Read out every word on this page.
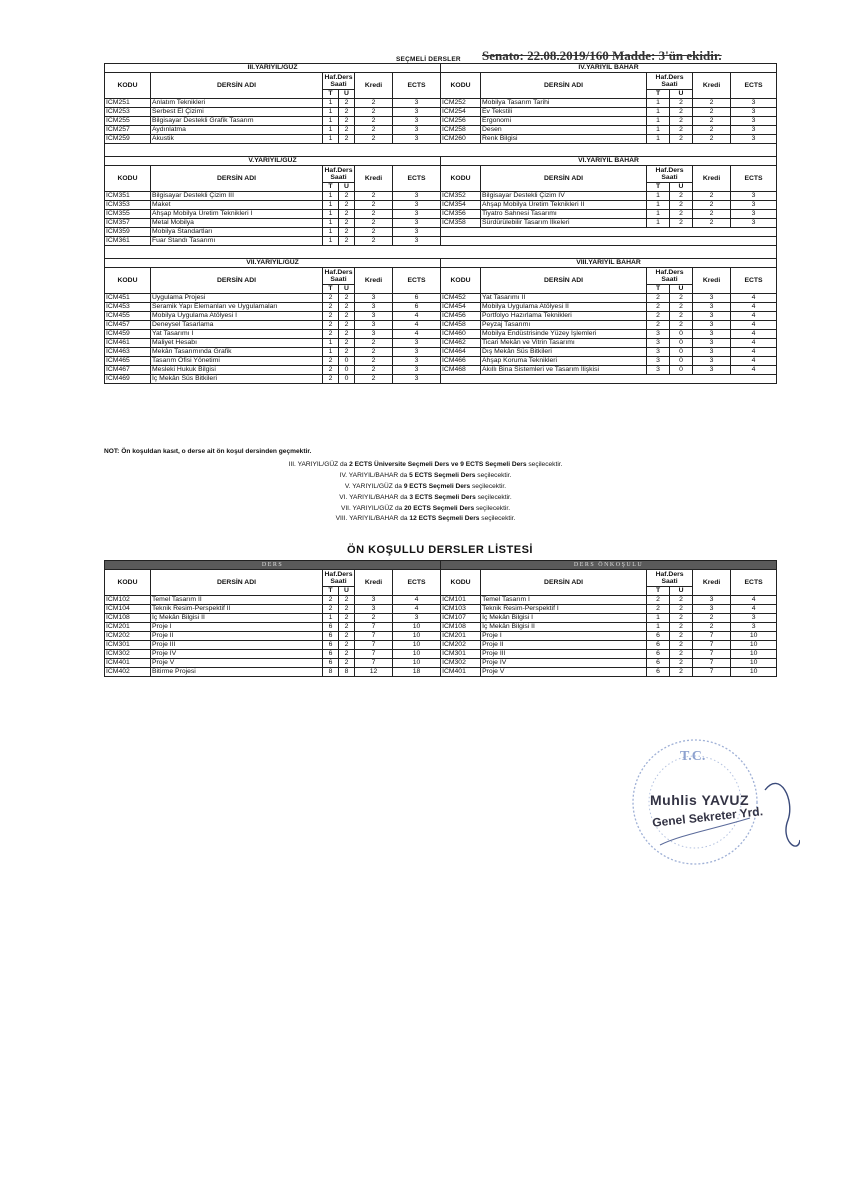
Senato: 22.08.2019/160 Madde: 3'ün ekidir.
SEÇMELİ DERSLER
III.YARIYIL/GÜZ						IV.YARIYIL BAHAR					
KODU	DERSİN ADI	Haf.Ders Saati		Kredi	ECTS	KODU	DERSİN ADI	Haf.Ders Saati		Kredi	ECTS
		T	U					T	U		
ICM251	Anlatım Teknikleri	1	2	2	3	ICM252	Mobilya Tasarım Tarihi	1	2	2	3
ICM253	Serbest El Çizimi	1	2	2	3	ICM254	Ev Tekstili	1	2	2	3
ICM255	Bilgisayar Destekli Grafik Tasarım	1	2	2	3	ICM256	Ergonomi	1	2	2	3
ICM257	Aydınlatma	1	2	2	3	ICM258	Desen	1	2	2	3
ICM259	Akustik	1	2	2	3	ICM260	Renk Bilgisi	1	2	2	3

V.YARIYIL/GÜZ						VI.YARIYIL BAHAR					
KODU	DERSİN ADI	Haf.Ders Saati		Kredi	ECTS	KODU	DERSİN ADI	Haf.Ders Saati		Kredi	ECTS
		T	U					T	U		
ICM351	Bilgisayar Destekli Çizim III	1	2	2	3	ICM352	Bilgisayar Destekli Çizim IV	1	2	2	3
ICM353	Maket	1	2	2	3	ICM354	Ahşap Mobilya Üretim Teknikleri II	1	2	2	3
ICM355	Ahşap Mobilya Üretim Teknikleri I	1	2	2	3	ICM356	Tiyatro Sahnesi Tasarımı	1	2	2	3
ICM357	Metal Mobilya	1	2	2	3	ICM358	Sürdürülebilir Tasarım İlkeleri	1	2	2	3
ICM359	Mobilya Standartları	1	2	2	3						
ICM361	Fuar Standı Tasarımı	1	2	2	3						

VII.YARIYIL/GÜZ						VIII.YARIYIL BAHAR					
KODU	DERSİN ADI	Haf.Ders Saati		Kredi	ECTS	KODU	DERSİN ADI	Haf.Ders Saati		Kredi	ECTS
		T	U					T	U		
ICM451	Uygulama Projesi	2	2	3	6	ICM452	Yat Tasarımı II	2	2	3	4
ICM453	Seramik Yapı Elemanları ve Uygulamaları	2	2	3	6	ICM454	Mobilya Uygulama Atölyesi II	2	2	3	4
ICM455	Mobilya Uygulama Atölyesi I	2	2	3	4	ICM456	Portfolyo Hazırlama Teknikleri	2	2	3	4
ICM457	Deneysel Tasarlama	2	2	3	4	ICM458	Peyzaj Tasarımı	2	2	3	4
ICM459	Yat Tasarımı I	2	2	3	4	ICM460	Mobilya Endüstrisinde Yüzey İşlemleri	3	0	3	4
ICM461	Maliyet Hesabı	1	2	2	3	ICM462	Ticari Mekân ve Vitrin Tasarımı	3	0	3	4
ICM463	Mekân Tasarımında Grafik	1	2	2	3	ICM464	Dış Mekân Süs Bitkileri	3	0	3	4
ICM465	Tasarım Ofisi Yönetimi	2	0	2	3	ICM466	Ahşap Koruma Teknikleri	3	0	3	4
ICM467	Mesleki Hukuk Bilgisi	2	0	2	3	ICM468	Akıllı Bina Sistemleri ve Tasarım İlişkisi	3	0	3	4
ICM469	İç Mekân Süs Bitkileri	2	0	2	3						
NOT: Ön koşuldan kasıt, o derse ait ön koşul dersinden geçmektir.
III. YARIYIL/GÜZ da 2 ECTS Üniversite Seçmeli Ders ve 9 ECTS Seçmeli Ders seçilecektir.
IV. YARIYIL/BAHAR da 5 ECTS Seçmeli Ders seçilecektir.
V. YARIYIL/GÜZ da 9 ECTS Seçmeli Ders seçilecektir.
VI. YARIYIL/BAHAR da 3 ECTS Seçmeli Ders seçilecektir.
VII. YARIYIL/GÜZ da 20 ECTS Seçmeli Ders seçilecektir.
VIII. YARIYIL/BAHAR da 12 ECTS Seçmeli Ders seçilecektir.
ÖN KOŞULLU DERSLER LİSTESİ
DERS						DERS ÖNKOŞULU					
KODU	DERSİN ADI	Haf.Ders Saati		Kredi	ECTS	KODU	DERSİN ADI	Haf.Ders Saati		Kredi	ECTS
		T	U					T	U		
ICM102	Temel Tasarım II	2	2	3	4	ICM101	Temel Tasarım I	2	2	3	4
ICM104	Teknik Resim-Perspektif II	2	2	3	4	ICM103	Teknik Resim-Perspektif I	2	2	3	4
ICM108	İç Mekân Bilgisi II	1	2	2	3	ICM107	İç Mekân Bilgisi I	1	2	2	3
ICM201	Proje I	6	2	7	10	ICM108	İç Mekân Bilgisi II	1	2	2	3
ICM202	Proje II	6	2	7	10	ICM201	Proje I	6	2	7	10
ICM301	Proje III	6	2	7	10	ICM202	Proje II	6	2	7	10
ICM302	Proje IV	6	2	7	10	ICM301	Proje III	6	2	7	10
ICM401	Proje V	6	2	7	10	ICM302	Proje IV	6	2	7	10
ICM402	Bitirme Projesi	8	8	12	18	ICM401	Proje V	6	2	7	10
T.C.
Muhlis YAVUZ
Genel Sekreter Yrd.
